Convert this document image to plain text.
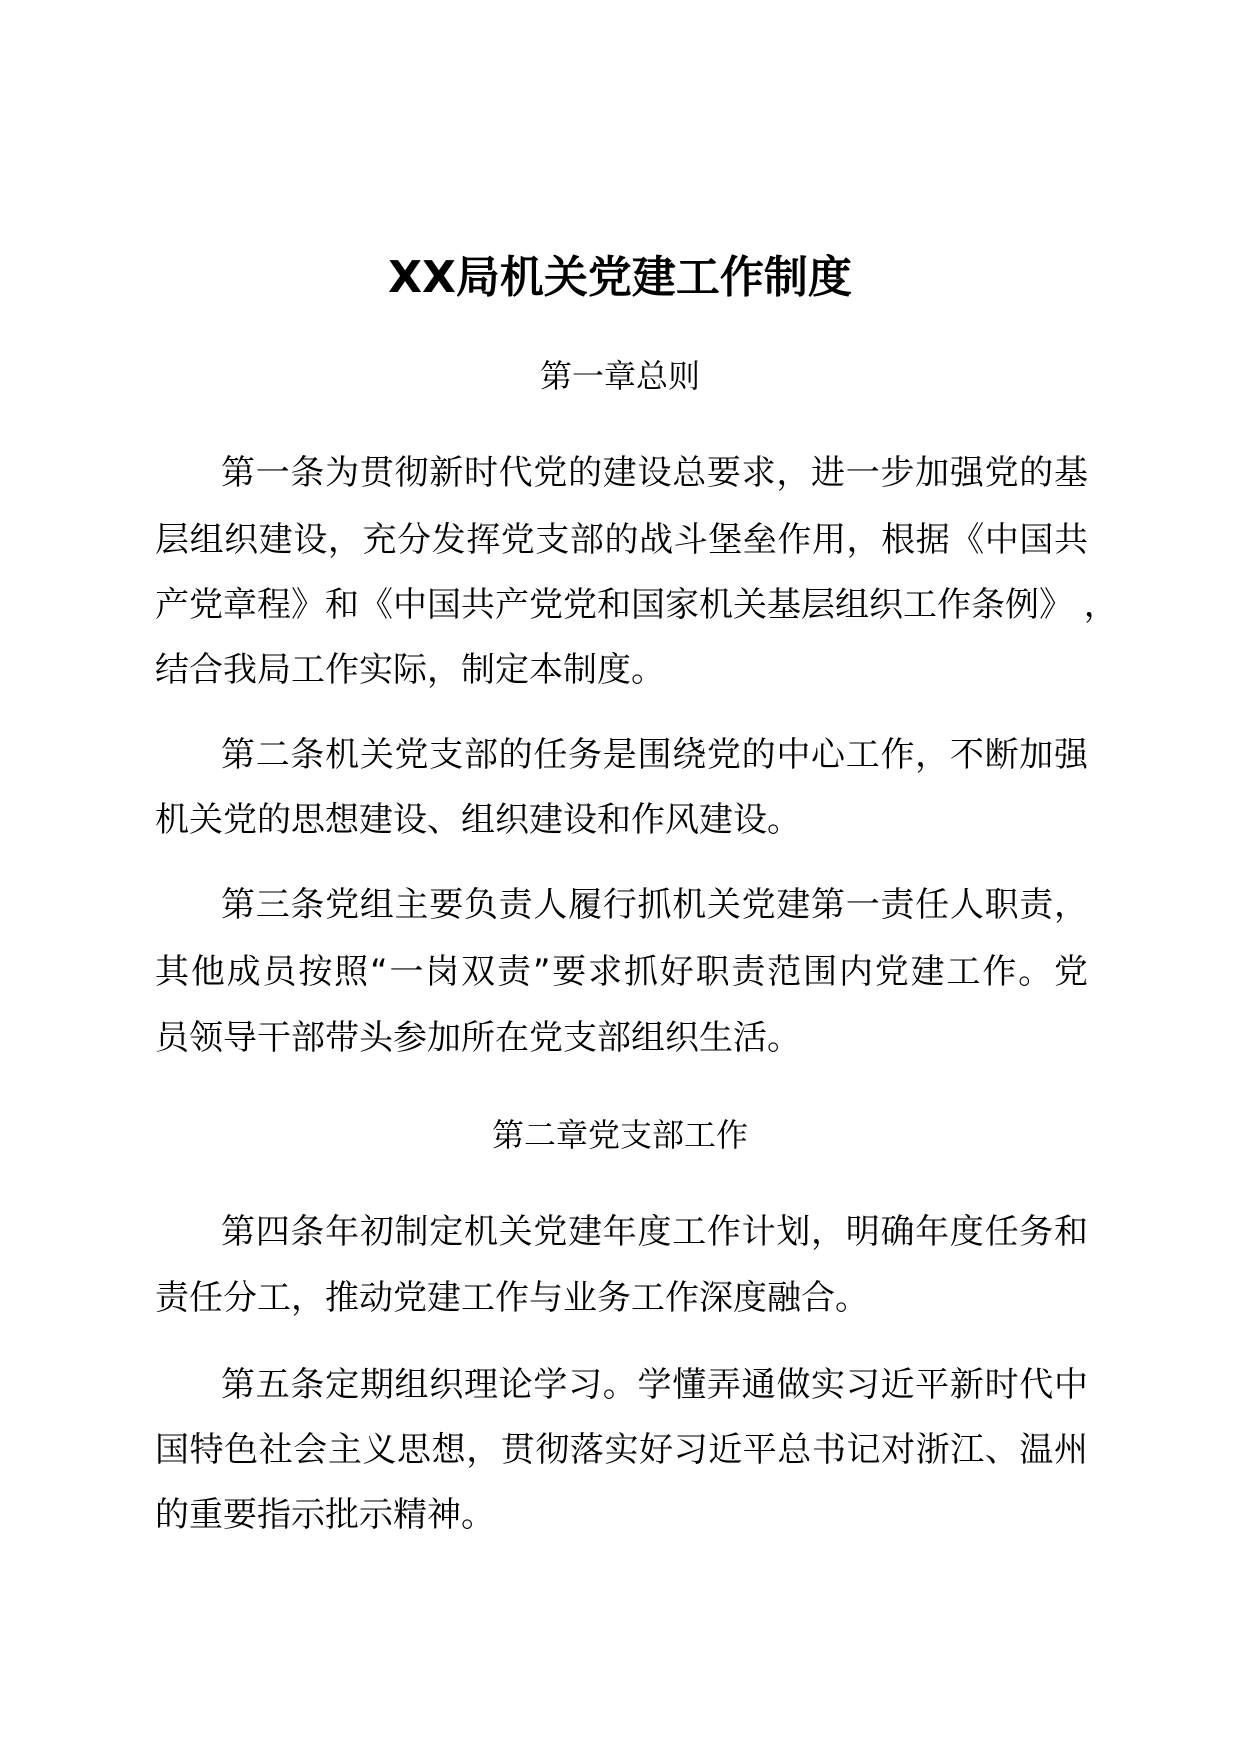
XX局机关党建工作制度
第一章总则
第一条为贯彻新时代党的建设总要求，进一步加强党的基
层组织建设，充分发挥党支部的战斗堡垒作用，根据《中国共
产党章程》和《中国共产党党和国家机关基层组织工作条例》 ，
结合我局工作实际，制定本制度。
第二条机关党支部的任务是围绕党的中心工作，不断加强
机关党的思想建设、组织建设和作风建设。
第三条党组主要负责人履行抓机关党建第一责任人职责，
其他成员按照“一岗双责”要求抓好职责范围内党建工作。党
员领导干部带头参加所在党支部组织生活。
第二章党支部工作
第四条年初制定机关党建年度工作计划，明确年度任务和
责任分工，推动党建工作与业务工作深度融合。
第五条定期组织理论学习。学懂弄通做实习近平新时代中
国特色社会主义思想，贯彻落实好习近平总书记对浙江、温州
的重要指示批示精神。
